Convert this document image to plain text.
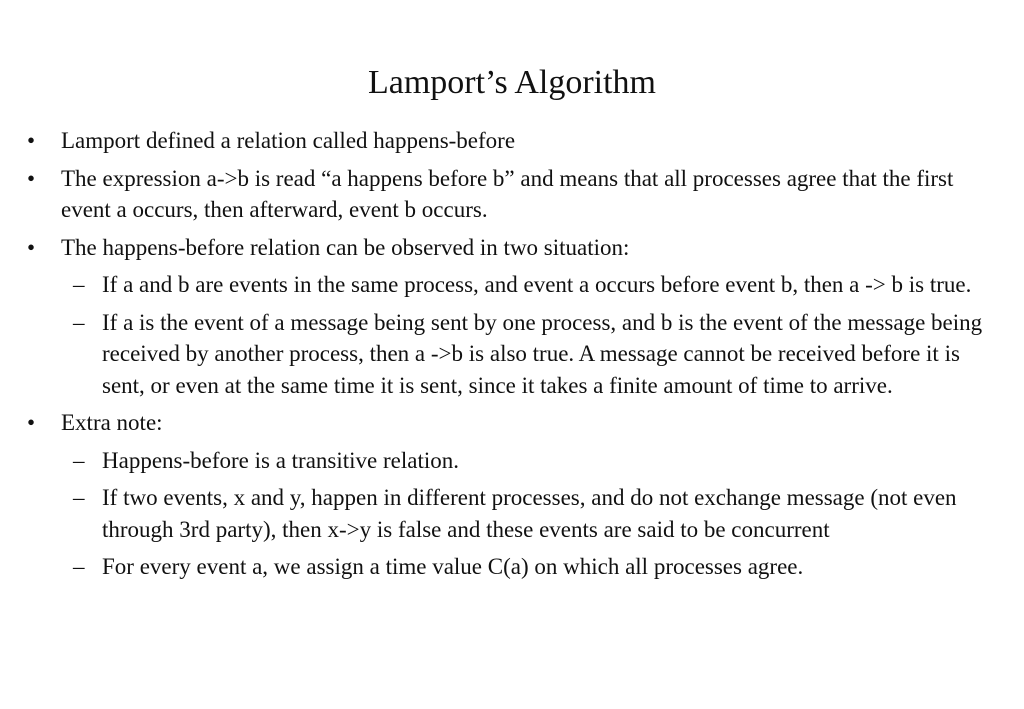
Lamport’s Algorithm
• Lamport defined a relation called happens-before
• The expression a->b is read “a happens before b” and means that all processes agree that the first event a occurs, then afterward, event b occurs.
• The happens-before relation can be observed in two situation:
– If a and b are events in the same process, and event a occurs before event b, then a -> b is true.
– If a is the event of a message being sent by one process, and b is the event of the message being received by another process, then a ->b is also true. A message cannot be received before it is sent, or even at the same time it is sent, since it takes a finite amount of time to arrive.
• Extra note:
– Happens-before is a transitive relation.
– If two events, x and y, happen in different processes, and do not exchange message (not even through 3rd party), then x->y is false and these events are said to be concurrent
– For every event a, we assign a time value C(a) on which all processes agree.
